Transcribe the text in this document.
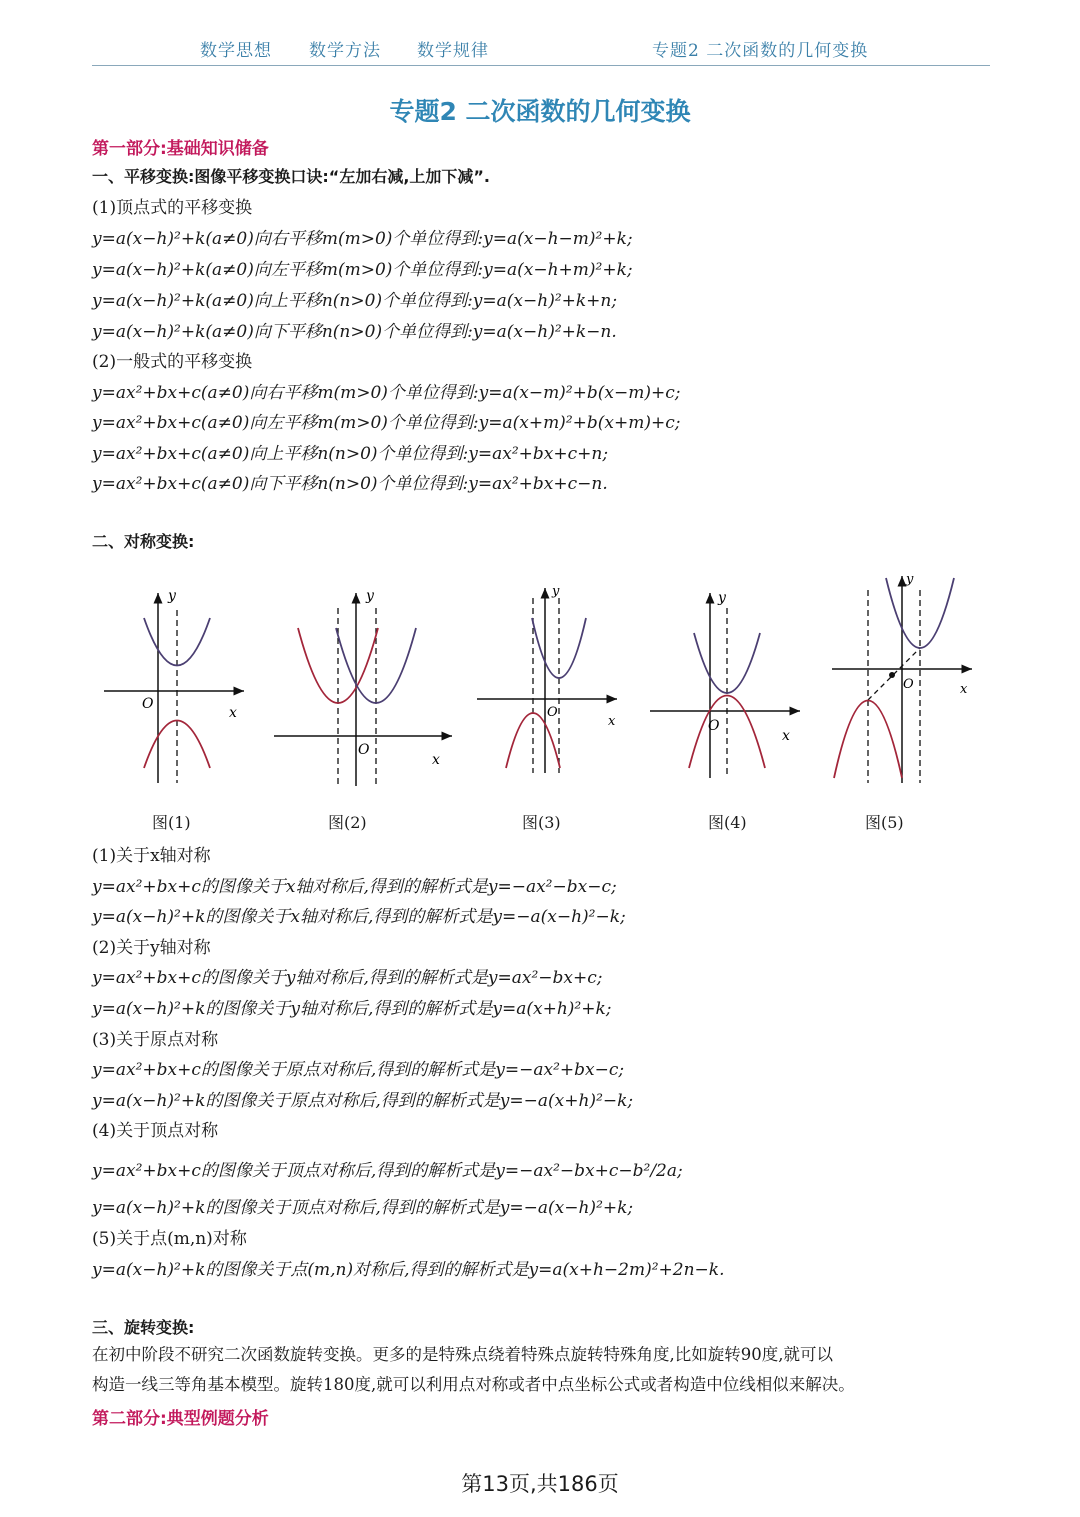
数学思想 数学方法 数学规律	专题2 二次函数的几何变换
专题2 二次函数的几何变换
第一部分:基础知识储备
一、平移变换:图像平移变换口诀:“左加右减,上加下减”.
(1)顶点式的平移变换
y=a(x−h)²+k(a≠0)向右平移m(m>0)个单位得到:y=a(x−h−m)²+k;
y=a(x−h)²+k(a≠0)向左平移m(m>0)个单位得到:y=a(x−h+m)²+k;
y=a(x−h)²+k(a≠0)向上平移n(n>0)个单位得到:y=a(x−h)²+k+n;
y=a(x−h)²+k(a≠0)向下平移n(n>0)个单位得到:y=a(x−h)²+k−n.
(2)一般式的平移变换
y=ax²+bx+c(a≠0)向右平移m(m>0)个单位得到:y=a(x−m)²+b(x−m)+c;
y=ax²+bx+c(a≠0)向左平移m(m>0)个单位得到:y=a(x+m)²+b(x+m)+c;
y=ax²+bx+c(a≠0)向上平移n(n>0)个单位得到:y=ax²+bx+c+n;
y=ax²+bx+c(a≠0)向下平移n(n>0)个单位得到:y=ax²+bx+c−n.
二、对称变换:
y
x
O
y
x
O
y
x
O
y
x
O
y
x
O
图(1)	图(2)	图(3)	图(4)	图(5)
(1)关于x轴对称
y=ax²+bx+c的图像关于x轴对称后,得到的解析式是y=−ax²−bx−c;
y=a(x−h)²+k的图像关于x轴对称后,得到的解析式是y=−a(x−h)²−k;
(2)关于y轴对称
y=ax²+bx+c的图像关于y轴对称后,得到的解析式是y=ax²−bx+c;
y=a(x−h)²+k的图像关于y轴对称后,得到的解析式是y=a(x+h)²+k;
(3)关于原点对称
y=ax²+bx+c的图像关于原点对称后,得到的解析式是y=−ax²+bx−c;
y=a(x−h)²+k的图像关于原点对称后,得到的解析式是y=−a(x+h)²−k;
(4)关于顶点对称
y=ax²+bx+c的图像关于顶点对称后,得到的解析式是y=−ax²−bx+c−b²/2a;
y=a(x−h)²+k的图像关于顶点对称后,得到的解析式是y=−a(x−h)²+k;
(5)关于点(m,n)对称
y=a(x−h)²+k的图像关于点(m,n)对称后,得到的解析式是y=a(x+h−2m)²+2n−k.
三、旋转变换:
在初中阶段不研究二次函数旋转变换。更多的是特殊点绕着特殊点旋转特殊角度,比如旋转90度,就可以
构造一线三等角基本模型。旋转180度,就可以利用点对称或者中点坐标公式或者构造中位线相似来解决。
第二部分:典型例题分析
第13页,共186页
